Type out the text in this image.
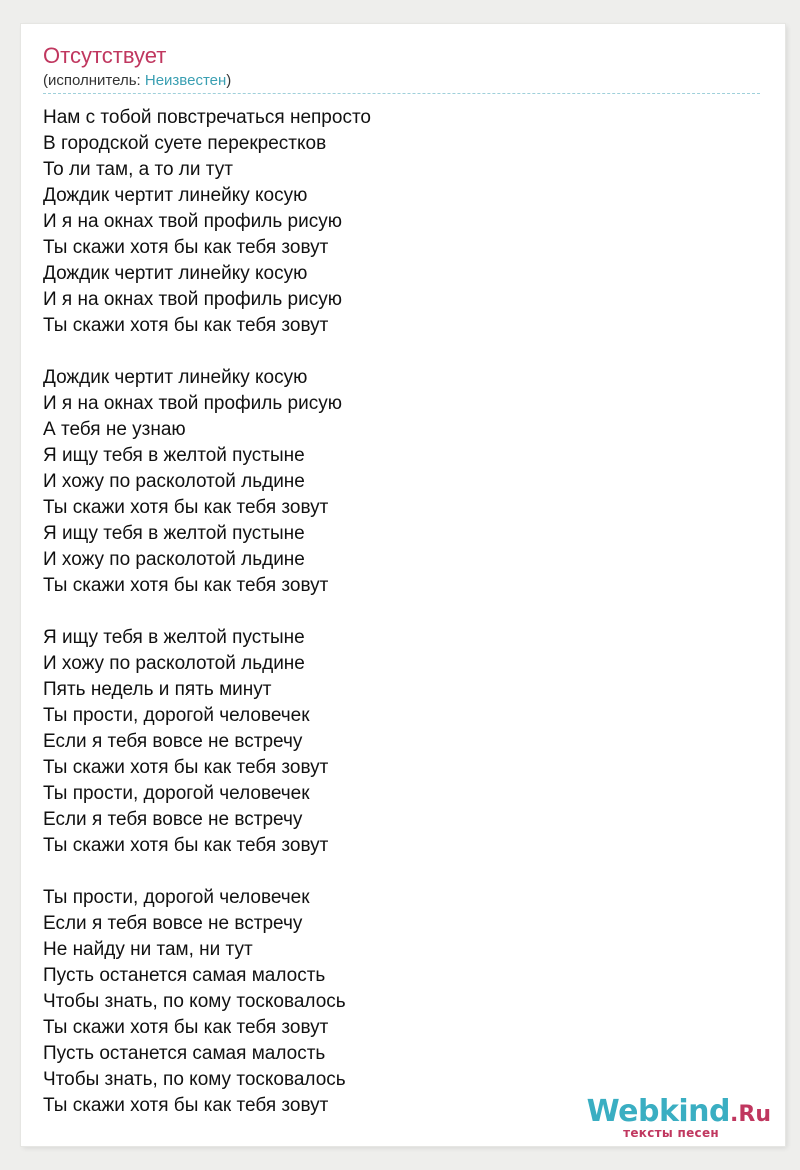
Отсутствует
(исполнитель: Неизвестен)
Нам с тобой повстречаться непросто
В городской суете перекрестков
То ли там, а то ли тут
Дождик чертит линейку косую
И я на окнах твой профиль рисую
Ты скажи хотя бы как тебя зовут
Дождик чертит линейку косую
И я на окнах твой профиль рисую
Ты скажи хотя бы как тебя зовут
Дождик чертит линейку косую
И я на окнах твой профиль рисую
А тебя не узнаю
Я ищу тебя в желтой пустыне
И хожу по расколотой льдине
Ты скажи хотя бы как тебя зовут
Я ищу тебя в желтой пустыне
И хожу по расколотой льдине
Ты скажи хотя бы как тебя зовут
Я ищу тебя в желтой пустыне
И хожу по расколотой льдине
Пять недель и пять минут
Ты прости, дорогой человечек
Если я тебя вовсе не встречу
Ты скажи хотя бы как тебя зовут
Ты прости, дорогой человечек
Если я тебя вовсе не встречу
Ты скажи хотя бы как тебя зовут
Ты прости, дорогой человечек
Если я тебя вовсе не встречу
Не найду ни там, ни тут
Пусть останется самая малость
Чтобы знать, по кому тосковалось
Ты скажи хотя бы как тебя зовут
Пусть останется самая малость
Чтобы знать, по кому тосковалось
Ты скажи хотя бы как тебя зовут	Webkind.Ru
тексты песен
